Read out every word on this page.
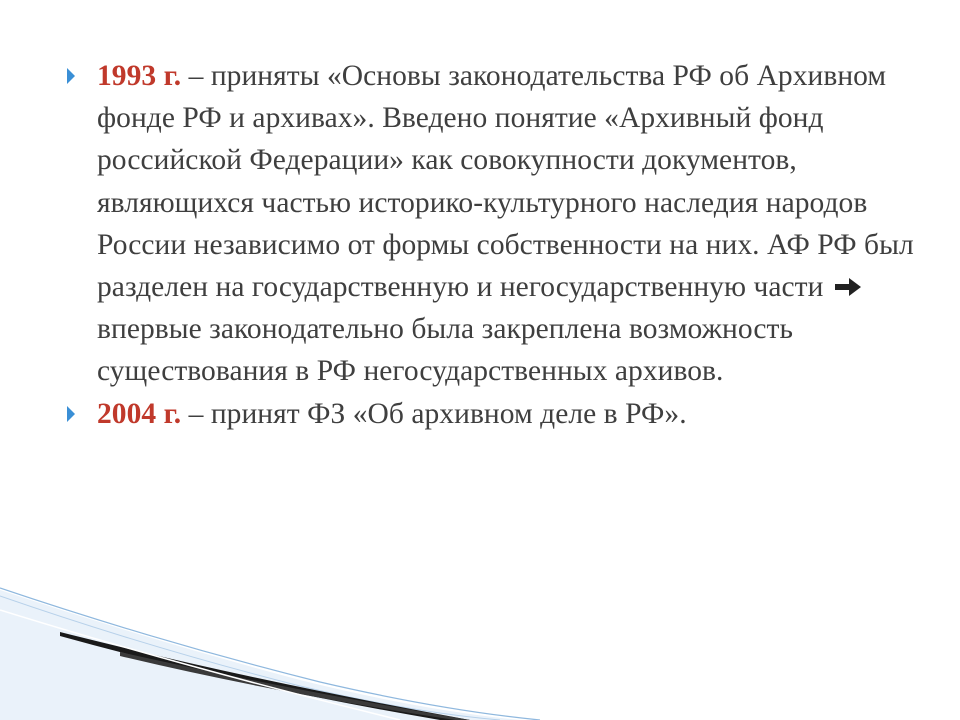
1993 г. – приняты «Основы законодательства РФ об Архивном фонде РФ и архивах». Введено понятие «Архивный фонд российской Федерации» как совокупности документов, являющихся частью историко-культурного наследия народов России независимо от формы собственности на них. АФ РФ был разделен на государственную и негосударственную части  впервые законодательно была закреплена возможность существования в РФ негосударственных архивов.
2004 г. – принят ФЗ «Об архивном деле в РФ».
